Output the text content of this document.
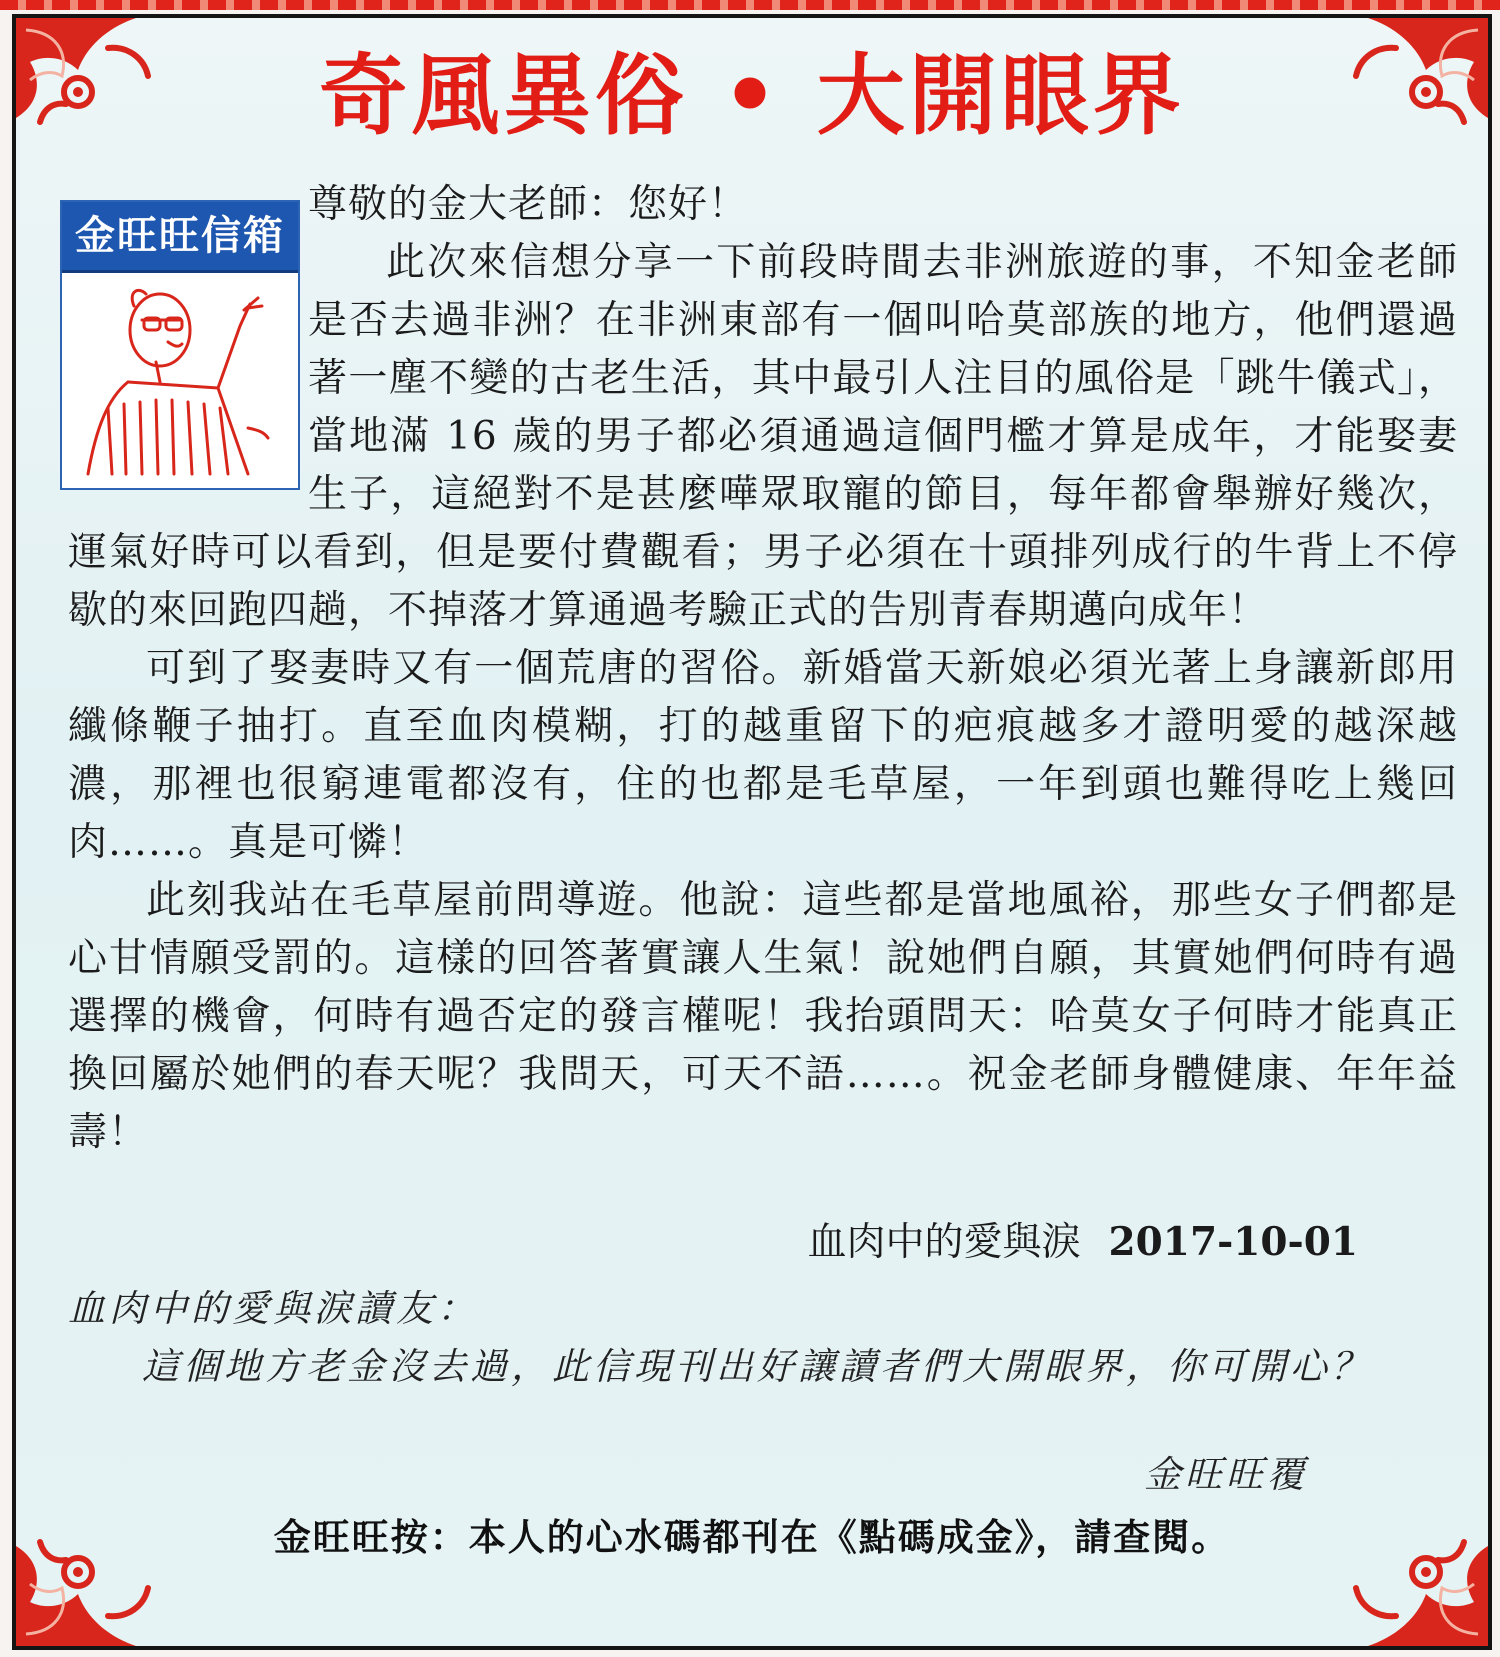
奇風異俗 • 大開眼界
金旺旺信箱

尊敬的金大老師：您好！

此次來信想分享一下前段時間去非洲旅遊的事，不知金老師是否去過非洲？在非洲東部有一個叫哈莫部族的地方，他們還過著一塵不變的古老生活，其中最引人注目的風俗是「跳牛儀式」，當地滿 16 歲的男子都必須通過這個門檻才算是成年，才能娶妻生子，這絕對不是甚麼嘩眾取寵的節目，每年都會舉辦好幾次，運氣好時可以看到，但是要付費觀看；男子必須在十頭排列成行的牛背上不停歇的來回跑四趟，不掉落才算通過考驗正式的告別青春期邁向成年！

可到了娶妻時又有一個荒唐的習俗。新婚當天新娘必須光著上身讓新郎用纖條鞭子抽打。直至血肉模糊，打的越重留下的疤痕越多才證明愛的越深越濃，那裡也很窮連電都沒有，住的也都是毛草屋，一年到頭也難得吃上幾回肉……。真是可憐！

此刻我站在毛草屋前問導遊。他說：這些都是當地風裕，那些女子們都是心甘情願受罰的。這樣的回答著實讓人生氣！說她們自願，其實她們何時有過選擇的機會，何時有過否定的發言權呢！我抬頭問天：哈莫女子何時才能真正換回屬於她們的春天呢？我問天，可天不語……。祝金老師身體健康、年年益壽！

血肉中的愛與淚 2017-10-01

血肉中的愛與淚讀友：

這個地方老金沒去過，此信現刊出好讓讀者們大開眼界，你可開心？

金旺旺覆
金旺旺按：本人的心水碼都刊在《點碼成金》，請查閱。
